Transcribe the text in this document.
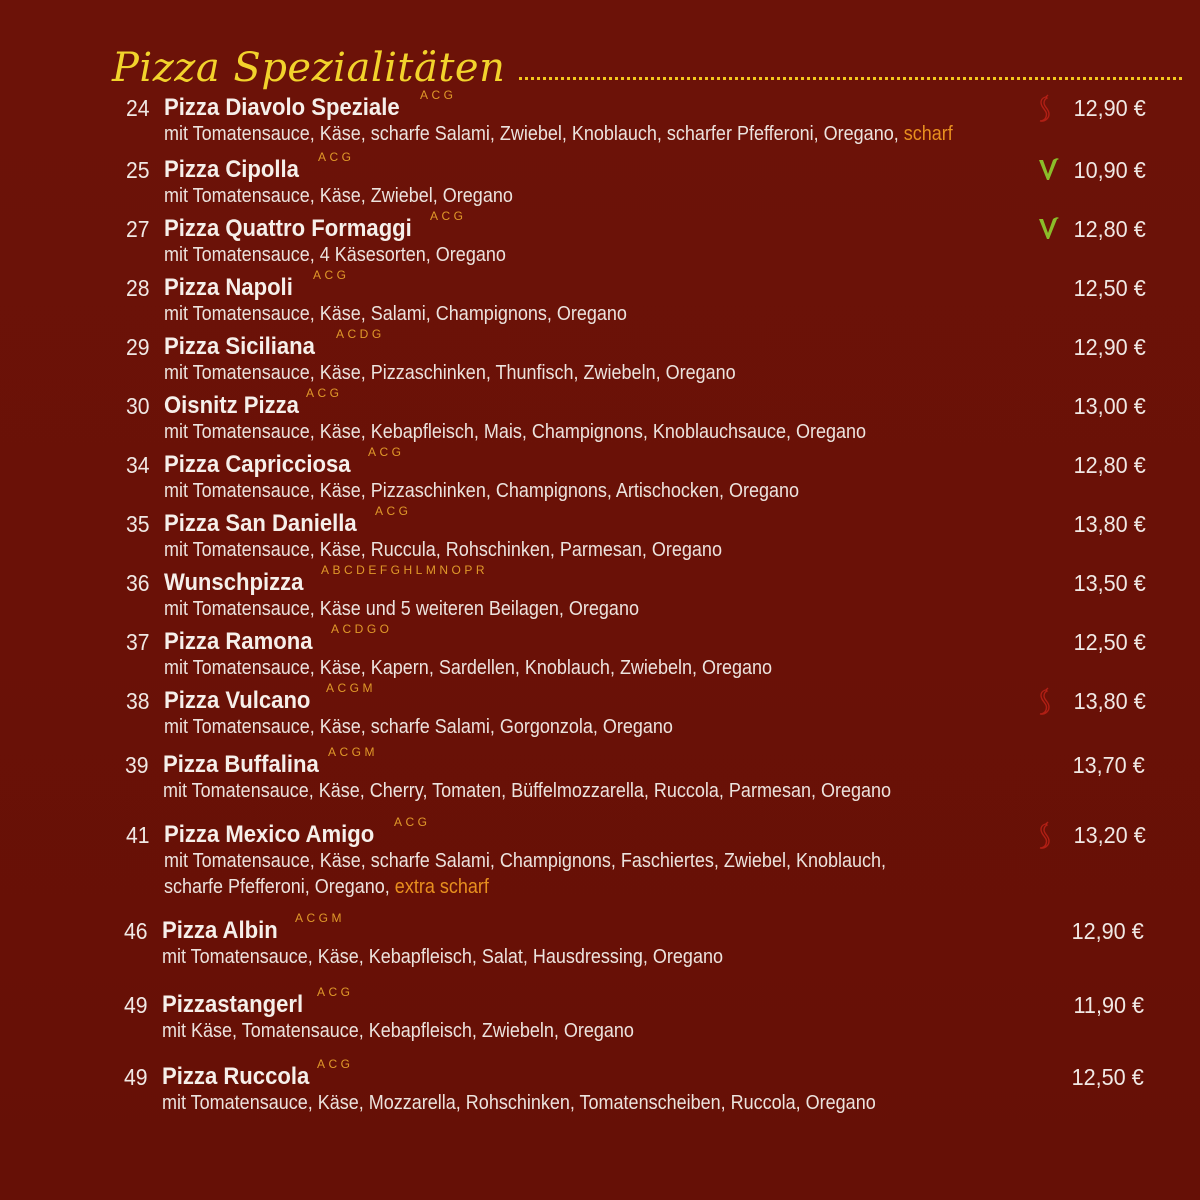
Pizza Spezialitäten
24 Pizza Diavolo Speziale ACG
mit Tomatensauce, Käse, scharfe Salami, Zwiebel, Knoblauch, scharfer Pfefferoni, Oregano, scharf
12,90 €
25 Pizza Cipolla ACG
mit Tomatensauce, Käse, Zwiebel, Oregano
10,90 €
27 Pizza Quattro Formaggi ACG
mit Tomatensauce, 4 Käsesorten, Oregano
12,80 €
28 Pizza Napoli ACG
mit Tomatensauce, Käse, Salami, Champignons, Oregano
12,50 €
29 Pizza Siciliana ACDG
mit Tomatensauce, Käse, Pizzaschinken, Thunfisch, Zwiebeln, Oregano
12,90 €
30 Oisnitz Pizza ACG
mit Tomatensauce, Käse, Kebapfleisch, Mais, Champignons, Knoblauchsauce, Oregano
13,00 €
34 Pizza Capricciosa ACG
mit Tomatensauce, Käse, Pizzaschinken, Champignons, Artischocken, Oregano
12,80 €
35 Pizza San Daniella ACG
mit Tomatensauce, Käse, Ruccula, Rohschinken, Parmesan, Oregano
13,80 €
36 Wunschpizza ABCDEFGHLMNOPR
mit Tomatensauce, Käse und 5 weiteren Beilagen, Oregano
13,50 €
37 Pizza Ramona ACDGO
mit Tomatensauce, Käse, Kapern, Sardellen, Knoblauch, Zwiebeln, Oregano
12,50 €
38 Pizza Vulcano ACGM
mit Tomatensauce, Käse, scharfe Salami, Gorgonzola, Oregano
13,80 €
39 Pizza Buffalina ACGM
mit Tomatensauce, Käse, Cherry, Tomaten, Büffelmozzarella, Ruccola, Parmesan, Oregano
13,70 €
41 Pizza Mexico Amigo ACG
mit Tomatensauce, Käse, scharfe Salami, Champignons, Faschiertes, Zwiebel, Knoblauch,
scharfe Pfefferoni, Oregano, extra scharf
13,20 €
46 Pizza Albin ACGM
mit Tomatensauce, Käse, Kebapfleisch, Salat, Hausdressing, Oregano
12,90 €
49 Pizzastangerl ACG
mit Käse, Tomatensauce, Kebapfleisch, Zwiebeln, Oregano
11,90 €
49 Pizza Ruccola ACG
mit Tomatensauce, Käse, Mozzarella, Rohschinken, Tomatenscheiben, Ruccola, Oregano
12,50 €
